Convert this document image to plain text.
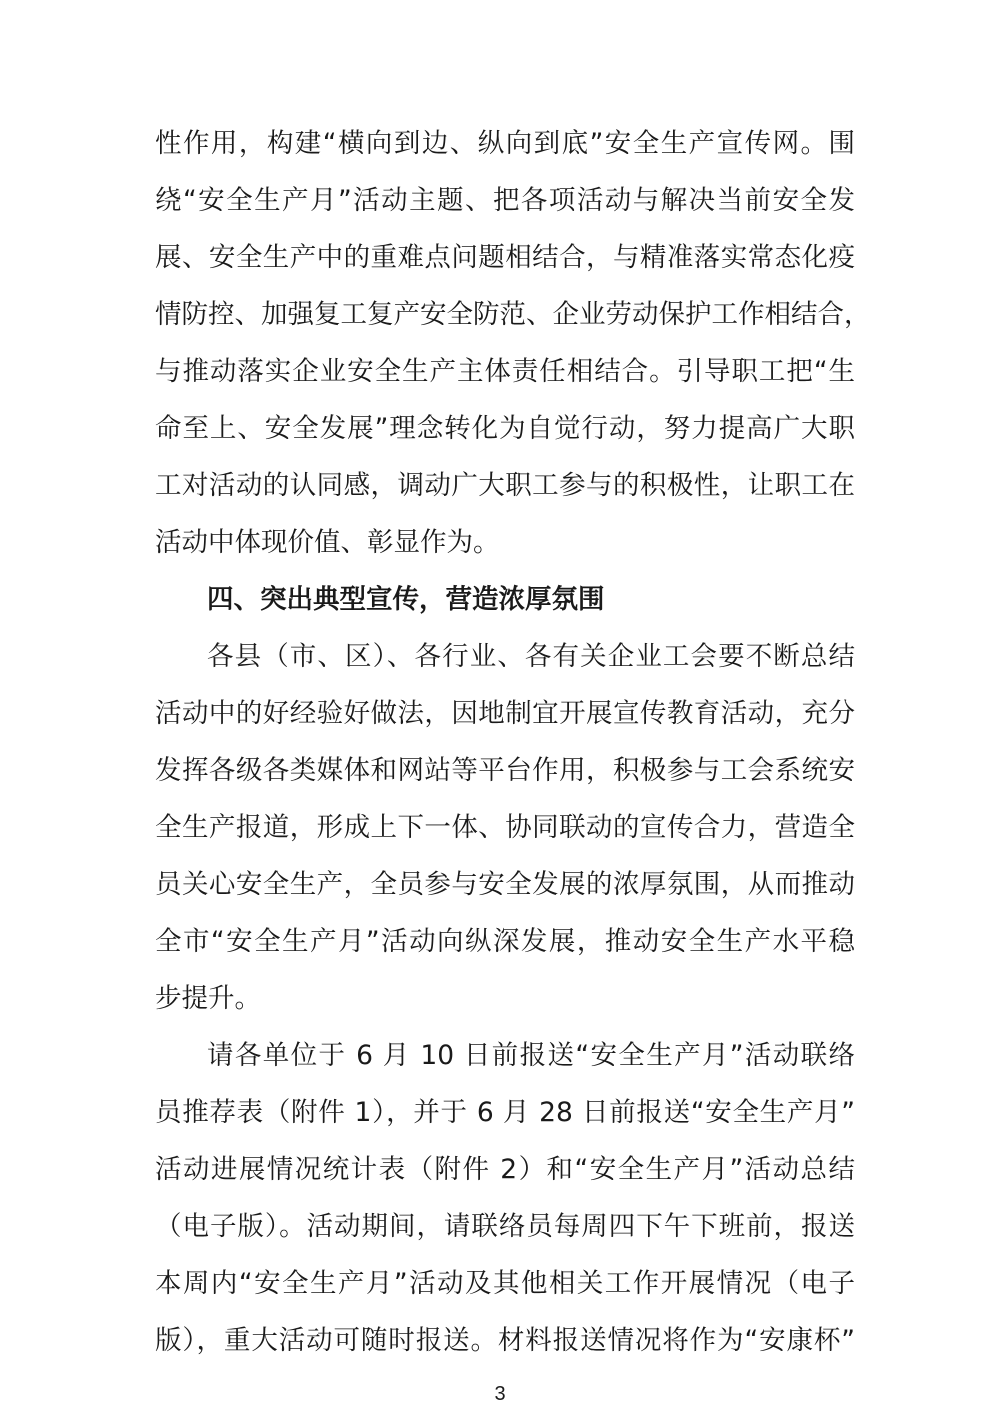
性作用，构建“横向到边、纵向到底”安全生产宣传网。围
绕“安全生产月”活动主题、把各项活动与解决当前安全发
展、安全生产中的重难点问题相结合，与精准落实常态化疫
情防控、加强复工复产安全防范、企业劳动保护工作相结合，
与推动落实企业安全生产主体责任相结合。引导职工把“生
命至上、安全发展”理念转化为自觉行动，努力提高广大职
工对活动的认同感，调动广大职工参与的积极性，让职工在
活动中体现价值、彰显作为。
四、突出典型宣传，营造浓厚氛围
各县（市、区）、各行业、各有关企业工会要不断总结
活动中的好经验好做法，因地制宜开展宣传教育活动，充分
发挥各级各类媒体和网站等平台作用，积极参与工会系统安
全生产报道，形成上下一体、协同联动的宣传合力，营造全
员关心安全生产，全员参与安全发展的浓厚氛围，从而推动
全市“安全生产月”活动向纵深发展，推动安全生产水平稳
步提升。
请各单位于 6 月 10 日前报送“安全生产月”活动联络
员推荐表（附件 1），并于 6 月 28 日前报送“安全生产月”
活动进展情况统计表（附件 2）和“安全生产月”活动总结
（电子版）。活动期间，请联络员每周四下午下班前，报送
本周内“安全生产月”活动及其他相关工作开展情况（电子
版），重大活动可随时报送。材料报送情况将作为“安康杯”
3
